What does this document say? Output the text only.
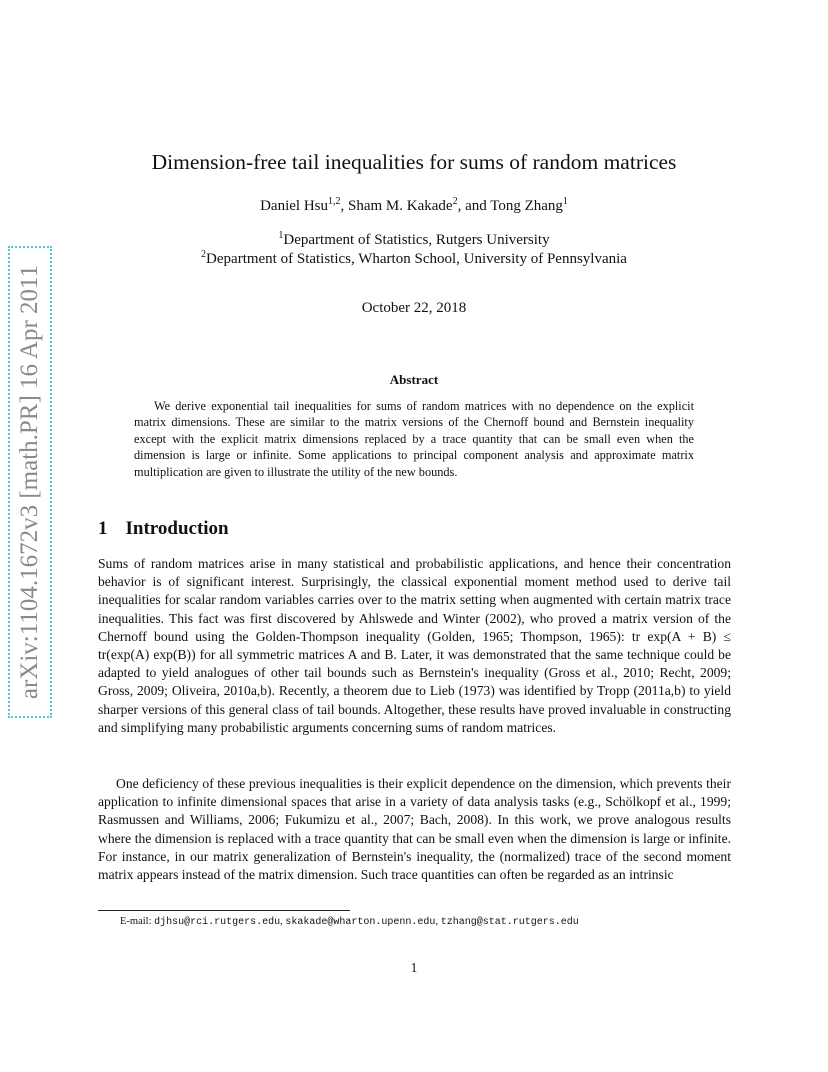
arXiv:1104.1672v3 [math.PR] 16 Apr 2011
Dimension-free tail inequalities for sums of random matrices
Daniel Hsu$^{1,2}$, Sham M. Kakade$^2$, and Tong Zhang$^1$
$^1$Department of Statistics, Rutgers University
$^2$Department of Statistics, Wharton School, University of Pennsylvania
October 22, 2018
Abstract
We derive exponential tail inequalities for sums of random matrices with no dependence on the explicit matrix dimensions. These are similar to the matrix versions of the Chernoff bound and Bernstein inequality except with the explicit matrix dimensions replaced by a trace quantity that can be small even when the dimension is large or infinite. Some applications to principal component analysis and approximate matrix multiplication are given to illustrate the utility of the new bounds.
1 Introduction
Sums of random matrices arise in many statistical and probabilistic applications, and hence their concentration behavior is of significant interest. Surprisingly, the classical exponential moment method used to derive tail inequalities for scalar random variables carries over to the matrix setting when augmented with certain matrix trace inequalities. This fact was first discovered by Ahlswede and Winter (2002), who proved a matrix version of the Chernoff bound using the Golden-Thompson inequality (Golden, 1965; Thompson, 1965): tr exp(A + B) ≤ tr(exp(A) exp(B)) for all symmetric matrices A and B. Later, it was demonstrated that the same technique could be adapted to yield analogues of other tail bounds such as Bernstein's inequality (Gross et al., 2010; Recht, 2009; Gross, 2009; Oliveira, 2010a,b). Recently, a theorem due to Lieb (1973) was identified by Tropp (2011a,b) to yield sharper versions of this general class of tail bounds. Altogether, these results have proved invaluable in constructing and simplifying many probabilistic arguments concerning sums of random matrices.
One deficiency of these previous inequalities is their explicit dependence on the dimension, which prevents their application to infinite dimensional spaces that arise in a variety of data analysis tasks (e.g., Schölkopf et al., 1999; Rasmussen and Williams, 2006; Fukumizu et al., 2007; Bach, 2008). In this work, we prove analogous results where the dimension is replaced with a trace quantity that can be small even when the dimension is large or infinite. For instance, in our matrix generalization of Bernstein's inequality, the (normalized) trace of the second moment matrix appears instead of the matrix dimension. Such trace quantities can often be regarded as an intrinsic
E-mail: djhsu@rci.rutgers.edu, skakade@wharton.upenn.edu, tzhang@stat.rutgers.edu
1
